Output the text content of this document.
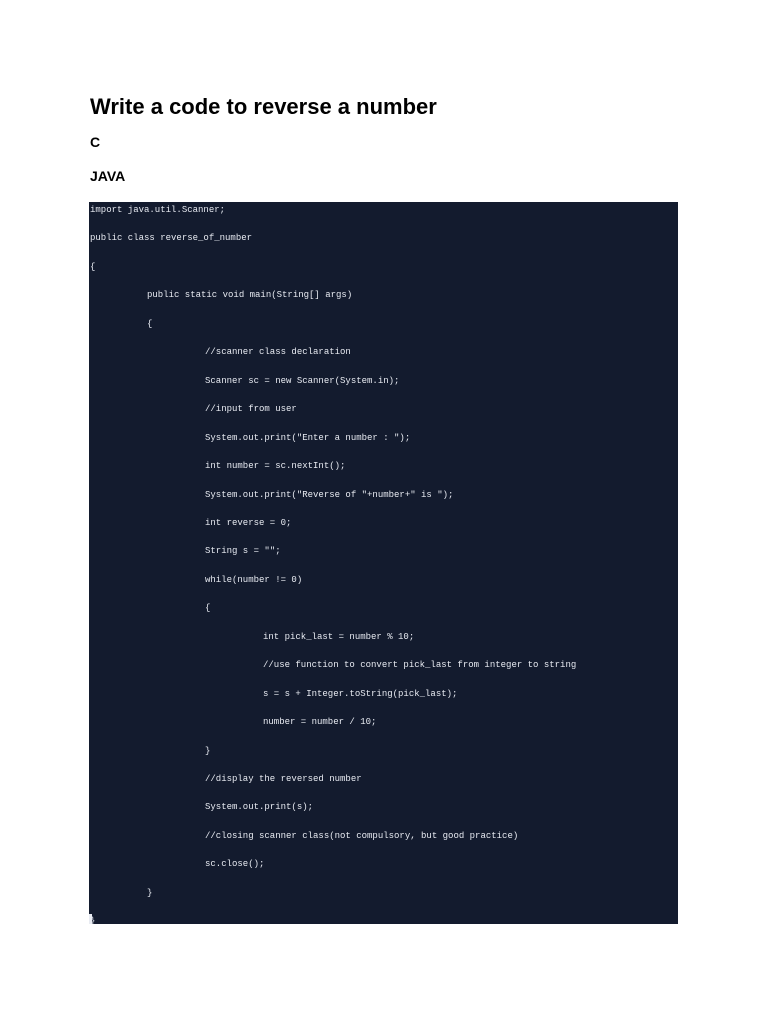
Write a code to reverse a number
C
JAVA
import java.util.Scanner;
public class reverse_of_number
{
public static void main(String[] args)
{
//scanner class declaration
Scanner sc = new Scanner(System.in);
//input from user
System.out.print("Enter a number : ");
int number = sc.nextInt();
System.out.print("Reverse of "+number+" is ");
int reverse = 0;
String s = "";
while(number != 0)
{
int pick_last = number % 10;
//use function to convert pick_last from integer to string
s = s + Integer.toString(pick_last);
number = number / 10;
}
//display the reversed number
System.out.print(s);
//closing scanner class(not compulsory, but good practice)
sc.close();
}
}
